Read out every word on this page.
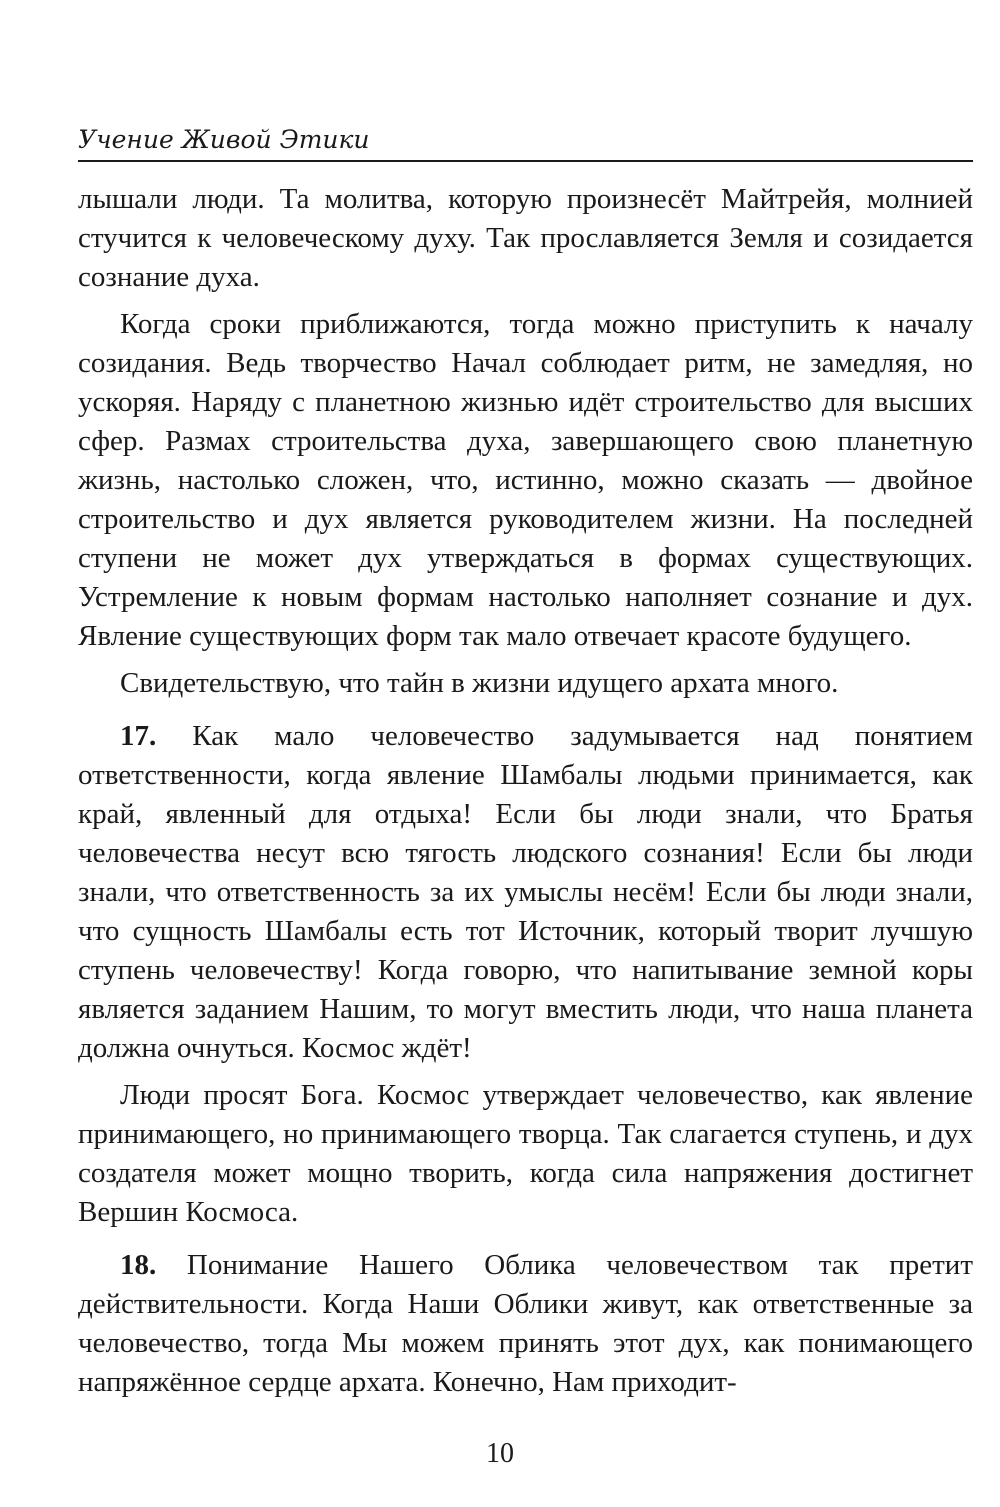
Учение Живой Этики

лышали люди. Та молитва, которую произнесёт Майтрейя, молнией стучится к человеческому духу. Так прославляется Земля и созидается сознание духа.

Когда сроки приближаются, тогда можно приступить к началу созидания. Ведь творчество Начал соблюдает ритм, не замедляя, но ускоряя. Наряду с планетною жизнью идёт строительство для высших сфер. Размах строительства духа, завершающего свою планетную жизнь, настолько сложен, что, истинно, можно сказать — двойное строительство и дух является руководителем жизни. На последней ступени не может дух утверждаться в формах существующих. Устремление к новым формам настолько наполняет сознание и дух. Явление существующих форм так мало отвечает красоте будущего.

Свидетельствую, что тайн в жизни идущего архата много.

17. Как мало человечество задумывается над понятием ответственности, когда явление Шамбалы людьми принимается, как край, явленный для отдыха! Если бы люди знали, что Братья человечества несут всю тягость людского сознания! Если бы люди знали, что ответственность за их умыслы несём! Если бы люди знали, что сущность Шамбалы есть тот Источник, который творит лучшую ступень человечеству! Когда говорю, что напитывание земной коры является заданием Нашим, то могут вместить люди, что наша планета должна очнуться. Космос ждёт!

Люди просят Бога. Космос утверждает человечество, как явление принимающего, но принимающего творца. Так слагается ступень, и дух создателя может мощно творить, когда сила напряжения достигнет Вершин Космоса.

18. Понимание Нашего Облика человечеством так претит действительности. Когда Наши Облики живут, как ответственные за человечество, тогда Мы можем принять этот дух, как понимающего напряжённое сердце архата. Конечно, Нам приходит-

10
